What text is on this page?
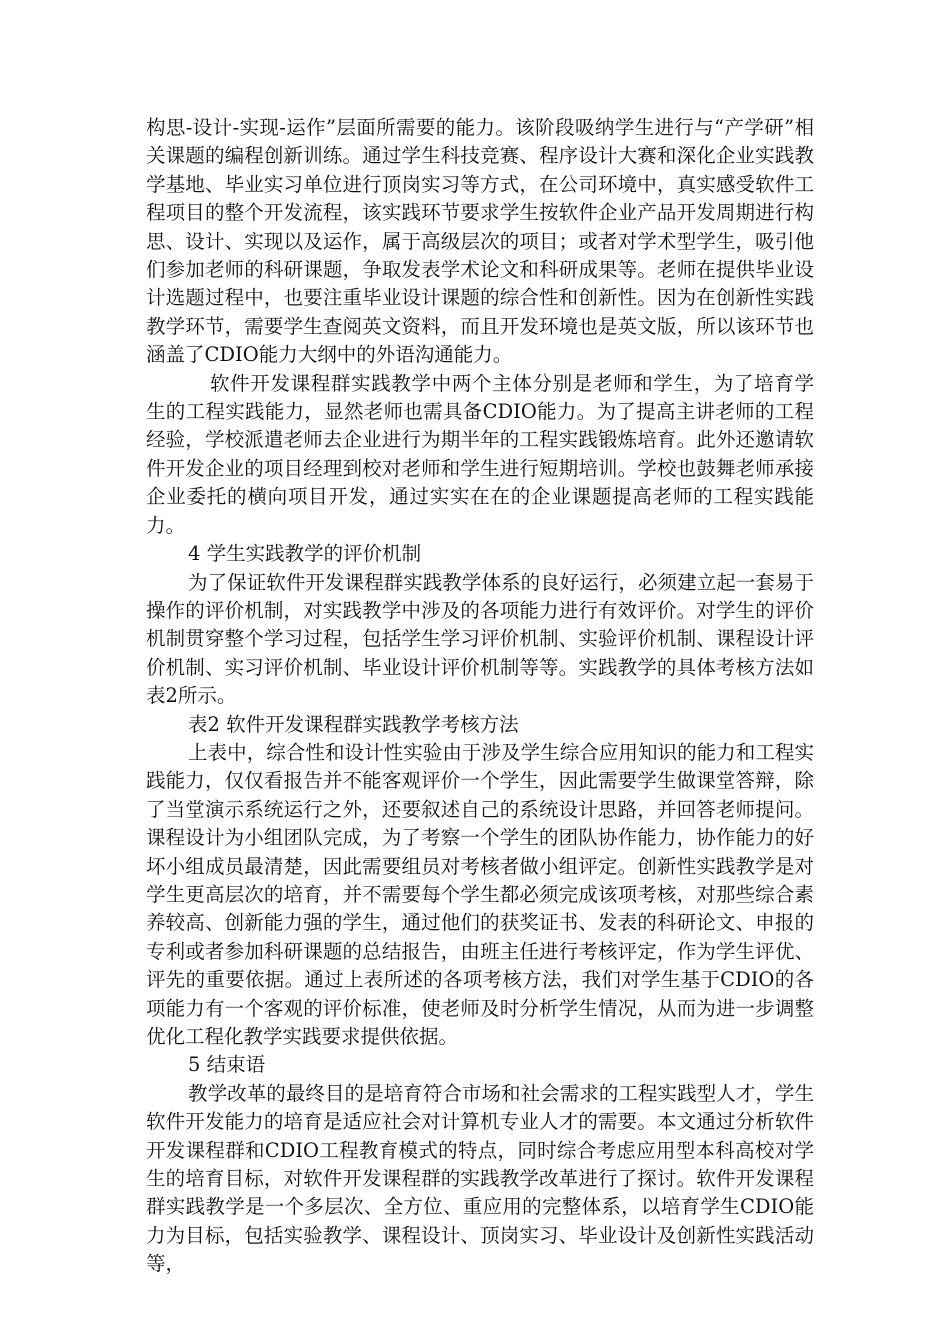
构思-设计-实现-运作”层面所需要的能力。该阶段吸纳学生进行与“产学研”相关课题的编程创新训练。通过学生科技竞赛、程序设计大赛和深化企业实践教学基地、毕业实习单位进行顶岗实习等方式，在公司环境中，真实感受软件工程项目的整个开发流程，该实践环节要求学生按软件企业产品开发周期进行构思、设计、实现以及运作，属于高级层次的项目；或者对学术型学生，吸引他们参加老师的科研课题，争取发表学术论文和科研成果等。老师在提供毕业设计选题过程中，也要注重毕业设计课题的综合性和创新性。因为在创新性实践教学环节，需要学生查阅英文资料，而且开发环境也是英文版，所以该环节也涵盖了CDIO能力大纲中的外语沟通能力。

软件开发课程群实践教学中两个主体分别是老师和学生，为了培育学生的工程实践能力，显然老师也需具备CDIO能力。为了提高主讲老师的工程经验，学校派遣老师去企业进行为期半年的工程实践锻炼培育。此外还邀请软件开发企业的项目经理到校对老师和学生进行短期培训。学校也鼓舞老师承接企业委托的横向项目开发，通过实实在在的企业课题提高老师的工程实践能力。

4 学生实践教学的评价机制

为了保证软件开发课程群实践教学体系的良好运行，必须建立起一套易于操作的评价机制，对实践教学中涉及的各项能力进行有效评价。对学生的评价机制贯穿整个学习过程，包括学生学习评价机制、实验评价机制、课程设计评价机制、实习评价机制、毕业设计评价机制等等。实践教学的具体考核方法如表2所示。

表2 软件开发课程群实践教学考核方法

上表中，综合性和设计性实验由于涉及学生综合应用知识的能力和工程实践能力，仅仅看报告并不能客观评价一个学生，因此需要学生做课堂答辩，除了当堂演示系统运行之外，还要叙述自己的系统设计思路，并回答老师提问。课程设计为小组团队完成，为了考察一个学生的团队协作能力，协作能力的好坏小组成员最清楚，因此需要组员对考核者做小组评定。创新性实践教学是对学生更高层次的培育，并不需要每个学生都必须完成该项考核，对那些综合素养较高、创新能力强的学生，通过他们的获奖证书、发表的科研论文、申报的专利或者参加科研课题的总结报告，由班主任进行考核评定，作为学生评优、评先的重要依据。通过上表所述的各项考核方法，我们对学生基于CDIO的各项能力有一个客观的评价标准，使老师及时分析学生情况，从而为进一步调整优化工程化教学实践要求提供依据。

5 结束语

教学改革的最终目的是培育符合市场和社会需求的工程实践型人才，学生软件开发能力的培育是适应社会对计算机专业人才的需要。本文通过分析软件开发课程群和CDIO工程教育模式的特点，同时综合考虑应用型本科高校对学生的培育目标，对软件开发课程群的实践教学改革进行了探讨。软件开发课程群实践教学是一个多层次、全方位、重应用的完整体系，以培育学生CDIO能力为目标，包括实验教学、课程设计、顶岗实习、毕业设计及创新性实践活动等，
